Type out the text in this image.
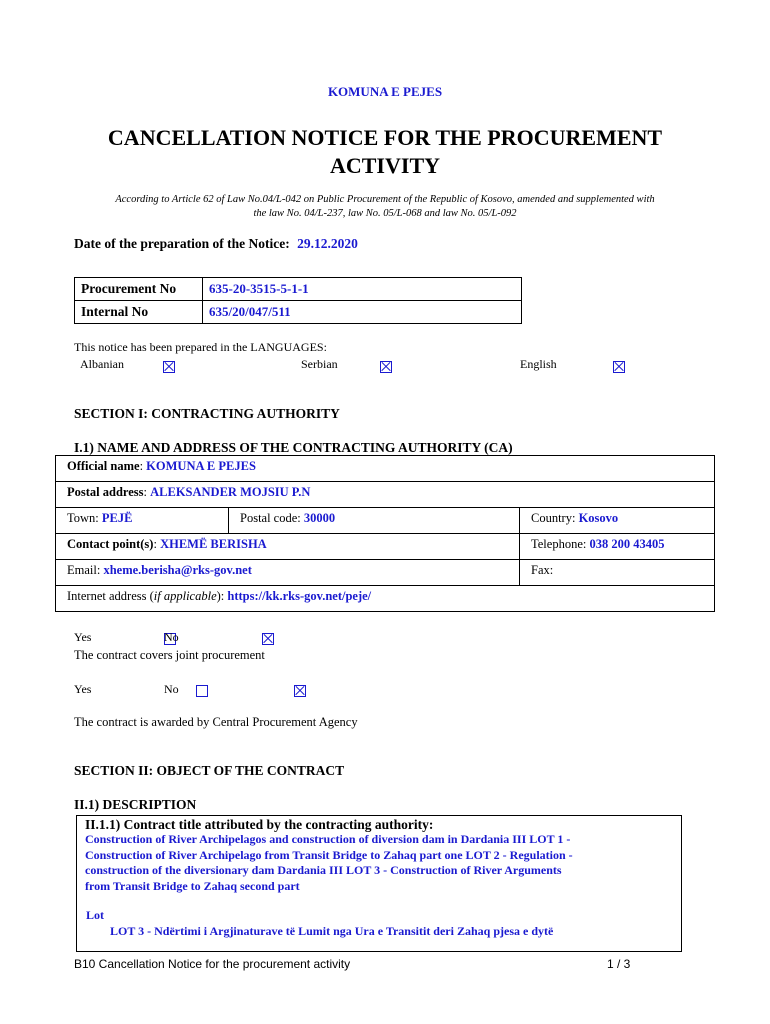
KOMUNA E PEJES
CANCELLATION NOTICE FOR THE PROCUREMENT
ACTIVITY
According to Article 62 of Law No.04/L-042 on Public Procurement of the Republic of Kosovo, amended and supplemented with
the law No. 04/L-237, law No. 05/L-068 and law No. 05/L-092
Date of the preparation of the Notice: 29.12.2020
Procurement No	635-20-3515-5-1-1
Internal No	635/20/047/511
This notice has been prepared in the LANGUAGES:
Albanian
	Serbian
	English

SECTION I: CONTRACTING AUTHORITY
I.1) NAME AND ADDRESS OF THE CONTRACTING AUTHORITY (CA)
Official name: KOMUNA E PEJES		
Postal address: ALEKSANDER MOJSIU P.N		
Town: PEJË	Postal code: 30000	Country: Kosovo
Contact point(s): XHEMË BERISHA		Telephone: 038 200 43405
Email: xheme.berisha@rks-gov.net		Fax:
Internet address (if applicable): https://kk.rks-gov.net/peje/		
Yes
	No

The contract covers joint procurement
Yes
	No
The contract is awarded by Central Procurement Agency
SECTION II: OBJECT OF THE CONTRACT
II.1) DESCRIPTION
II.1.1) Contract title attributed by the contracting authority:
Construction of River Archipelagos and construction of diversion dam in Dardania III LOT 1 -
Construction of River Archipelago from Transit Bridge to Zahaq part one LOT 2 - Regulation -
construction of the diversionary dam Dardania III LOT 3 - Construction of River Arguments
from Transit Bridge to Zahaq second part
Lot
LOT 3 - Ndërtimi i Argjinaturave të Lumit nga Ura e Transitit deri Zahaq pjesa e dytë
B10 Cancellation Notice for the procurement activity	1 / 3
